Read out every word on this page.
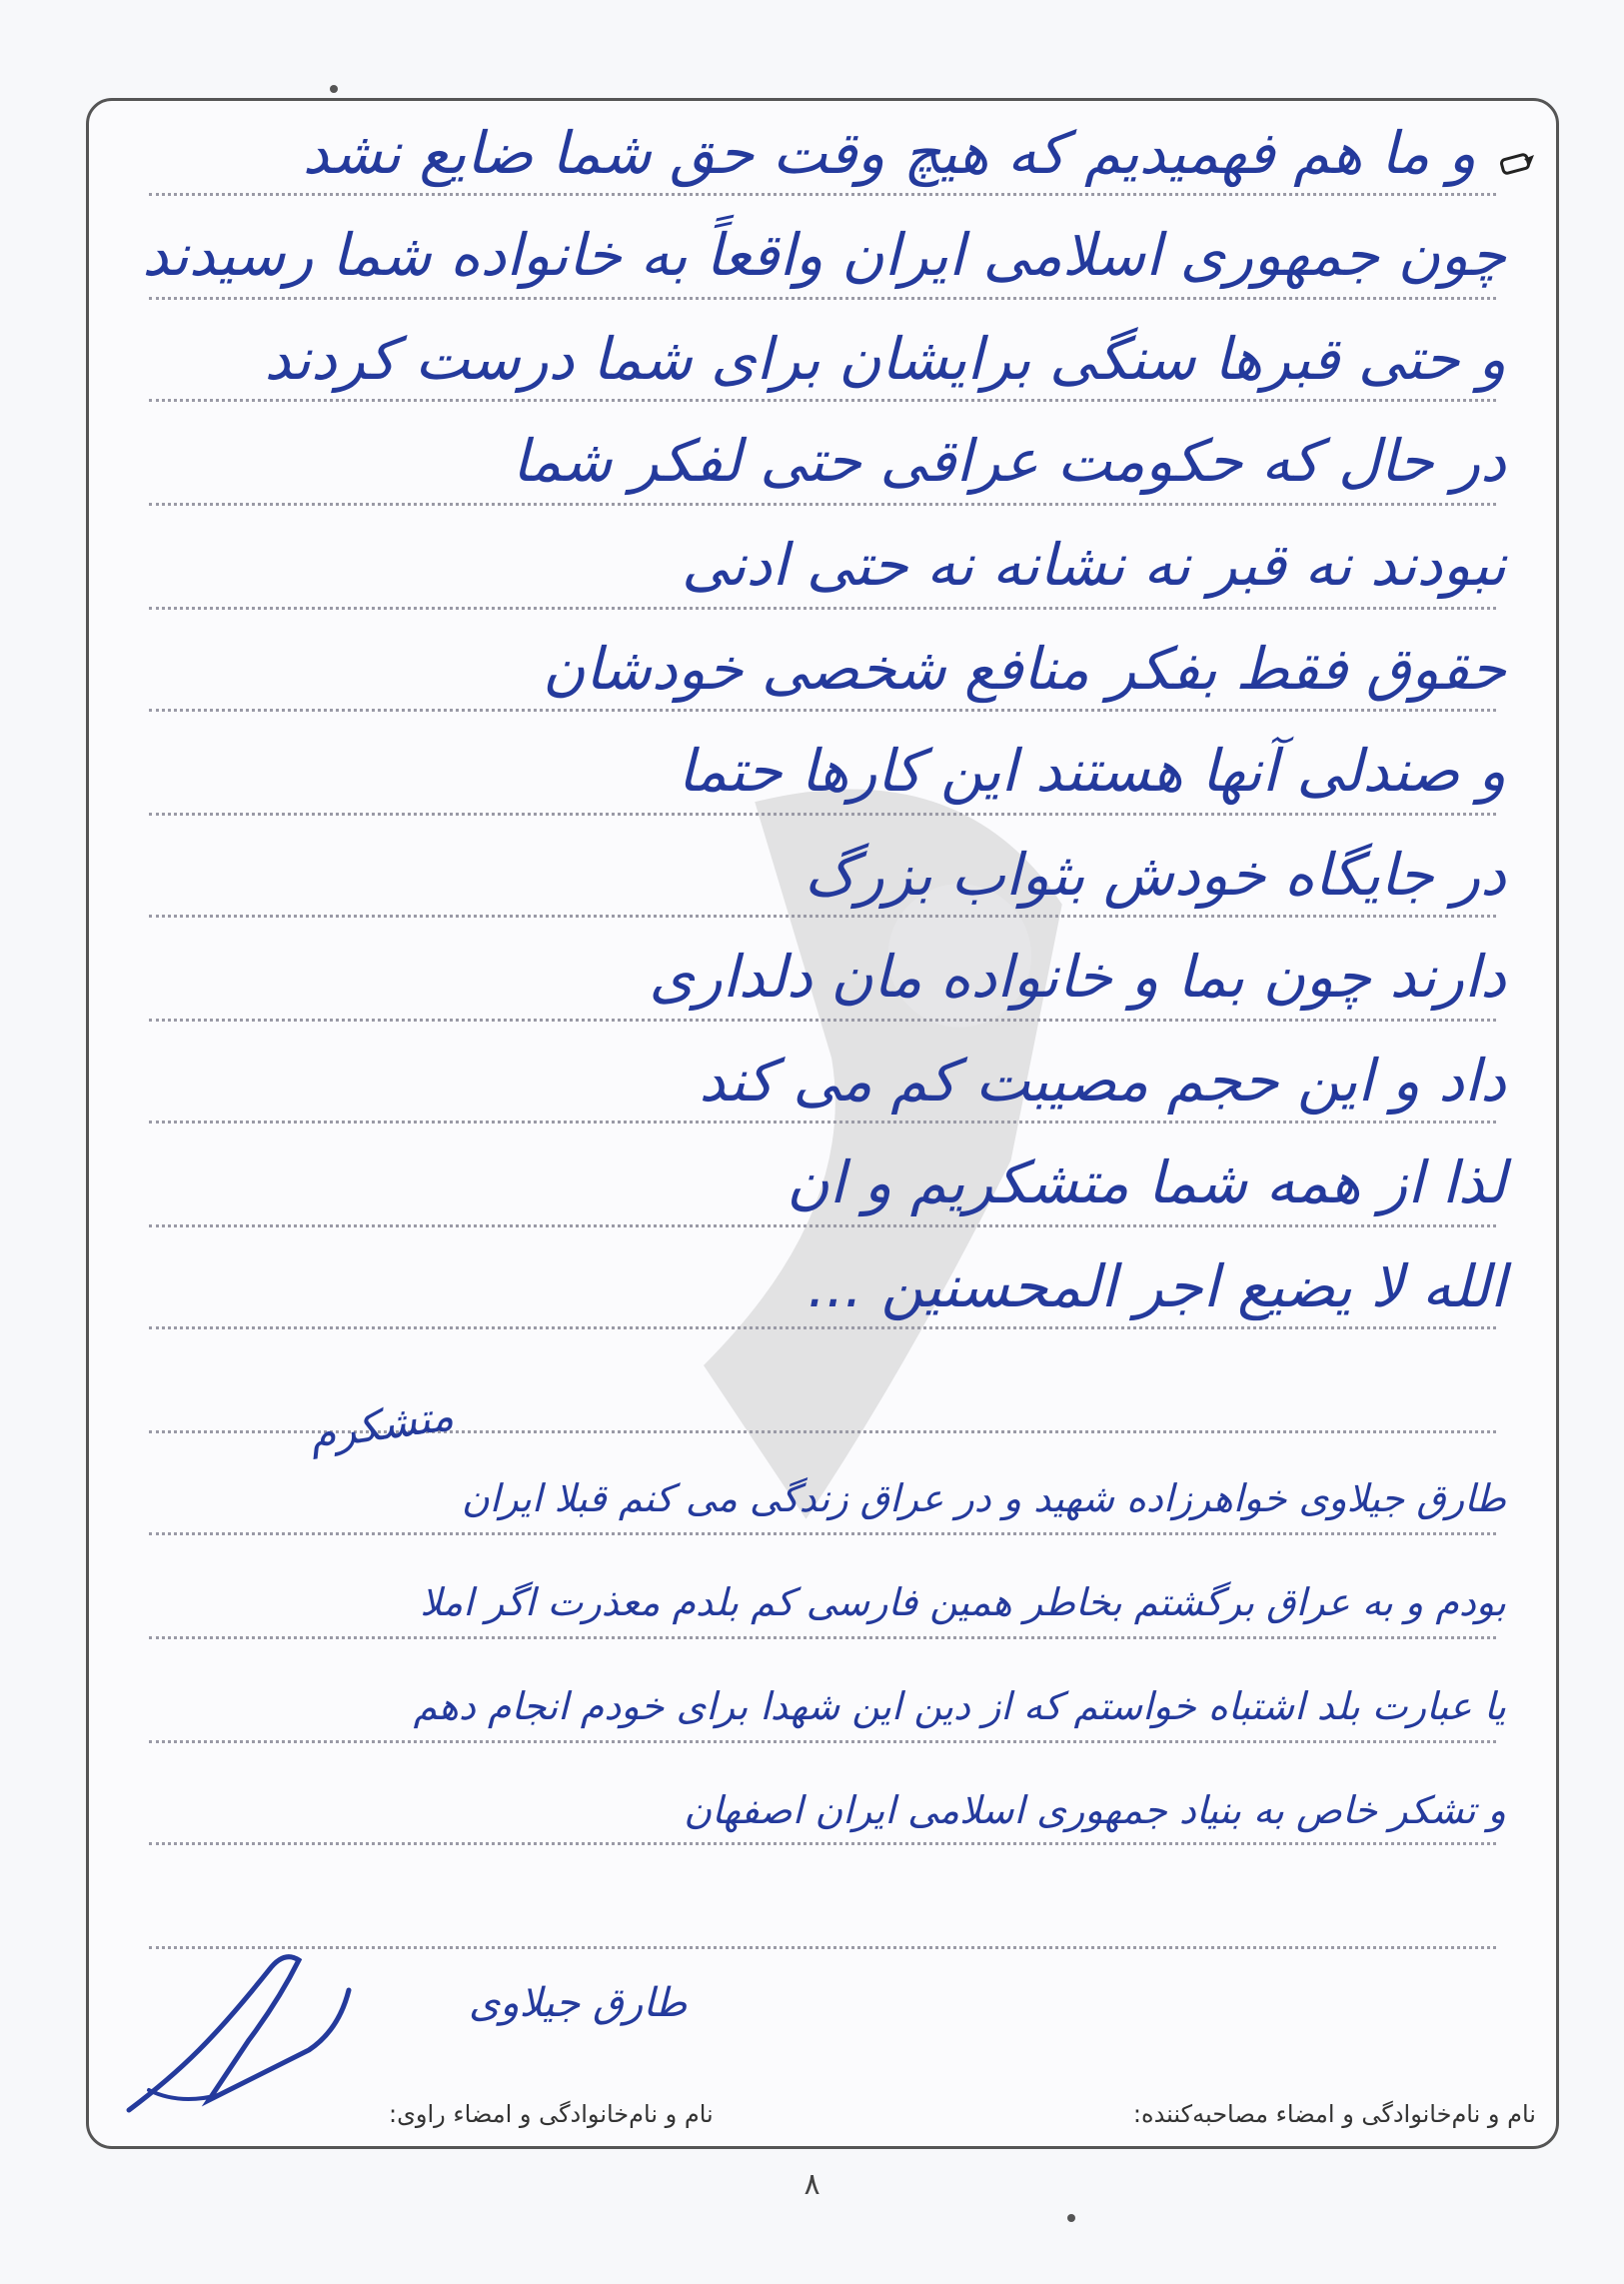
و ما هم فهمیدیم که هیچ وقت حق شما ضایع نشد
چون جمهوری اسلامی ایران واقعاً به خانواده شما رسیدند
و حتی قبرها سنگی برایشان برای شما درست کردند
در حال که حکومت عراقی حتی لفکر شما
نبودند نه قبر نه نشانه نه حتی ادنی
حقوق فقط بفکر منافع شخصی خودشان
و صندلی آنها هستند این کارها حتما
در جایگاه خودش بثواب بزرگ
دارند چون بما و خانواده مان دلداری
داد و این حجم مصیبت کم می کند
لذا از همه شما متشکریم و ان
الله لا یضیع اجر المحسنین ...
متشکرم
طارق جیلاوی خواهرزاده شهید و در عراق زندگی می کنم قبلا ایران
بودم و به عراق برگشتم بخاطر همین فارسی کم بلدم معذرت اگر املا
یا عبارت بلد اشتباه خواستم که از دین این شهدا برای خودم انجام دهم
و تشکر خاص به بنیاد جمهوری اسلامی ایران اصفهان
طارق جیلاوی
نام و نام‌خانوادگی و امضاء مصاحبه‌کننده:
نام و نام‌خانوادگی و امضاء راوی:
۸
